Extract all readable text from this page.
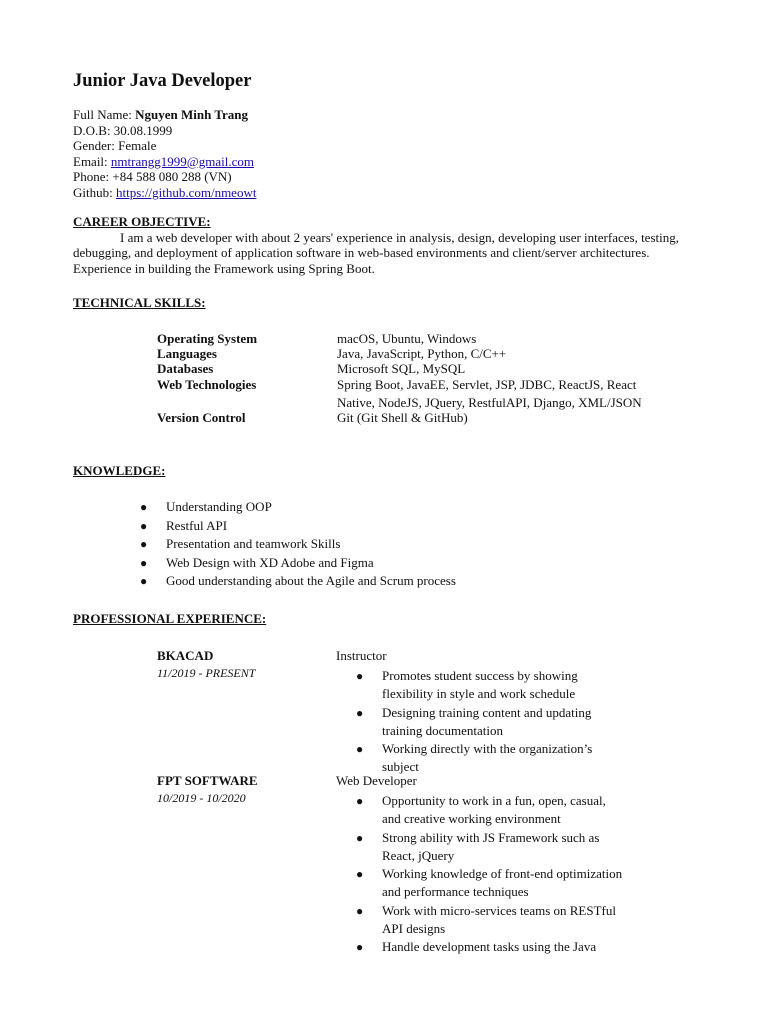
Junior Java Developer
Full Name: Nguyen Minh Trang
D.O.B: 30.08.1999
Gender: Female
Email: nmtrangg1999@gmail.com
Phone: +84 588 080 288 (VN)
Github: https://github.com/nmeowt
CAREER OBJECTIVE:
I am a web developer with about 2 years' experience in analysis, design, developing user interfaces, testing, debugging, and deployment of application software in web-based environments and client/server architectures. Experience in building the Framework using Spring Boot.
TECHNICAL SKILLS:
Operating System	macOS, Ubuntu, Windows
Languages	Java, JavaScript, Python, C/C++
Databases	Microsoft SQL, MySQL
Web Technologies	Spring Boot, JavaEE, Servlet, JSP, JDBC, ReactJS, React Native, NodeJS, JQuery, RestfulAPI, Django, XML/JSON
Version Control	Git (Git Shell & GitHub)
KNOWLEDGE:
● Understanding OOP
● Restful API
● Presentation and teamwork Skills
● Web Design with XD Adobe and Figma
● Good understanding about the Agile and Scrum process
PROFESSIONAL EXPERIENCE:
BKACAD
11/2019 - PRESENT
Instructor
● Promotes student success by showing flexibility in style and work schedule
● Designing training content and updating training documentation
● Working directly with the organization’s subject
FPT SOFTWARE
10/2019 - 10/2020
Web Developer
● Opportunity to work in a fun, open, casual, and creative working environment
● Strong ability with JS Framework such as React, jQuery
● Working knowledge of front-end optimization and performance techniques
● Work with micro-services teams on RESTful API designs
● Handle development tasks using the Java
